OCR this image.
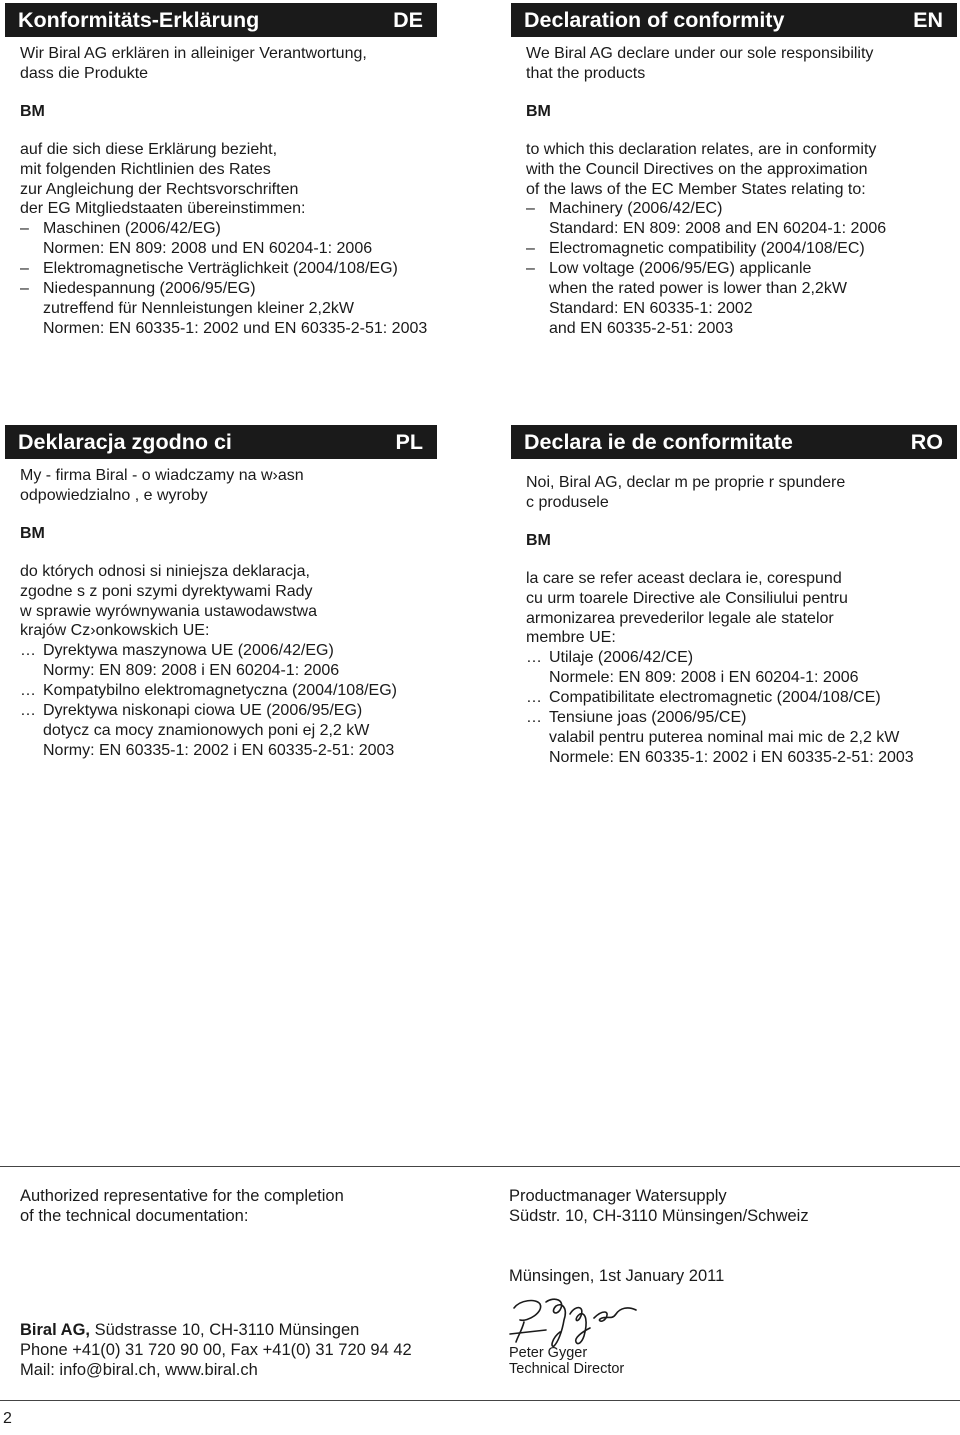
Konformitäts-Erklärung	DE

Wir Biral AG erklären in alleiniger Verantwortung,

dass die Produkte

BM

auf die sich diese Erklärung bezieht,
mit folgenden Richtlinien des Rates
zur Angleichung der Rechtsvorschriften
der EG Mitgliedstaaten übereinstimmen:
– Maschinen (2006/42/EG)
Normen: EN 809: 2008 und EN 60204-1: 2006
– Elektromagnetische Verträglichkeit (2004/108/EG)
– Niedespannung (2006/95/EG)
zutreffend für Nennleistungen kleiner 2,2kW
Normen: EN 60335-1: 2002 und EN 60335-2-51: 2003
Declaration of conformity	EN

We Biral AG declare under our sole responsibility

that the products

BM

to which this declaration relates, are in conformity
with the Council Directives on the approximation
of the laws of the EC Member States relating to:
– Machinery (2006/42/EC)
Standard: EN 809: 2008 and EN 60204-1: 2006
– Electromagnetic compatibility (2004/108/EC)
– Low voltage (2006/95/EG) applicanle
when the rated power is lower than 2,2kW
Standard: EN 60335-1: 2002
and EN 60335-2-51: 2003
Deklaracja zgodno ci	PL

My - firma Biral - o wiadczamy na w›asn

odpowiedzialno , e wyroby

BM

do których odnosi si niniejsza deklaracja,
zgodne s z poni szymi dyrektywami Rady
w sprawie wyrównywania ustawodawstwa
krajów Cz›onkowskich UE:
… Dyrektywa maszynowa UE (2006/42/EG)
Normy: EN 809: 2008 i EN 60204-1: 2006
… Kompatybilno elektromagnetyczna (2004/108/EG)
… Dyrektywa niskonapi ciowa UE (2006/95/EG)
dotycz ca mocy znamionowych poni ej 2,2 kW
Normy: EN 60335-1: 2002 i EN 60335-2-51: 2003
Declara ie de conformitate	RO

Noi, Biral AG, declar m pe proprie r spundere

c produsele

BM

la care se refer aceast declara ie, corespund
cu urm toarele Directive ale Consiliului pentru
armonizarea prevederilor legale ale statelor
membre UE:
… Utilaje (2006/42/CE)
Normele: EN 809: 2008 i EN 60204-1: 2006
… Compatibilitate electromagnetic (2004/108/CE)
… Tensiune joas (2006/95/CE)
valabil pentru puterea nominal mai mic de 2,2 kW
Normele: EN 60335-1: 2002 i EN 60335-2-51: 2003

Authorized representative for the completion

of the technical documentation:

Productmanager Watersupply

Südstr. 10, CH-3110 Münsingen/Schweiz

Münsingen, 1st January 2011

Biral AG, Südstrasse 10, CH-3110 Münsingen

Phone +41(0) 31 720 90 00, Fax +41(0) 31 720 94 42

Mail: info@biral.ch, www.biral.ch

Peter Gyger

Technical Director

2
